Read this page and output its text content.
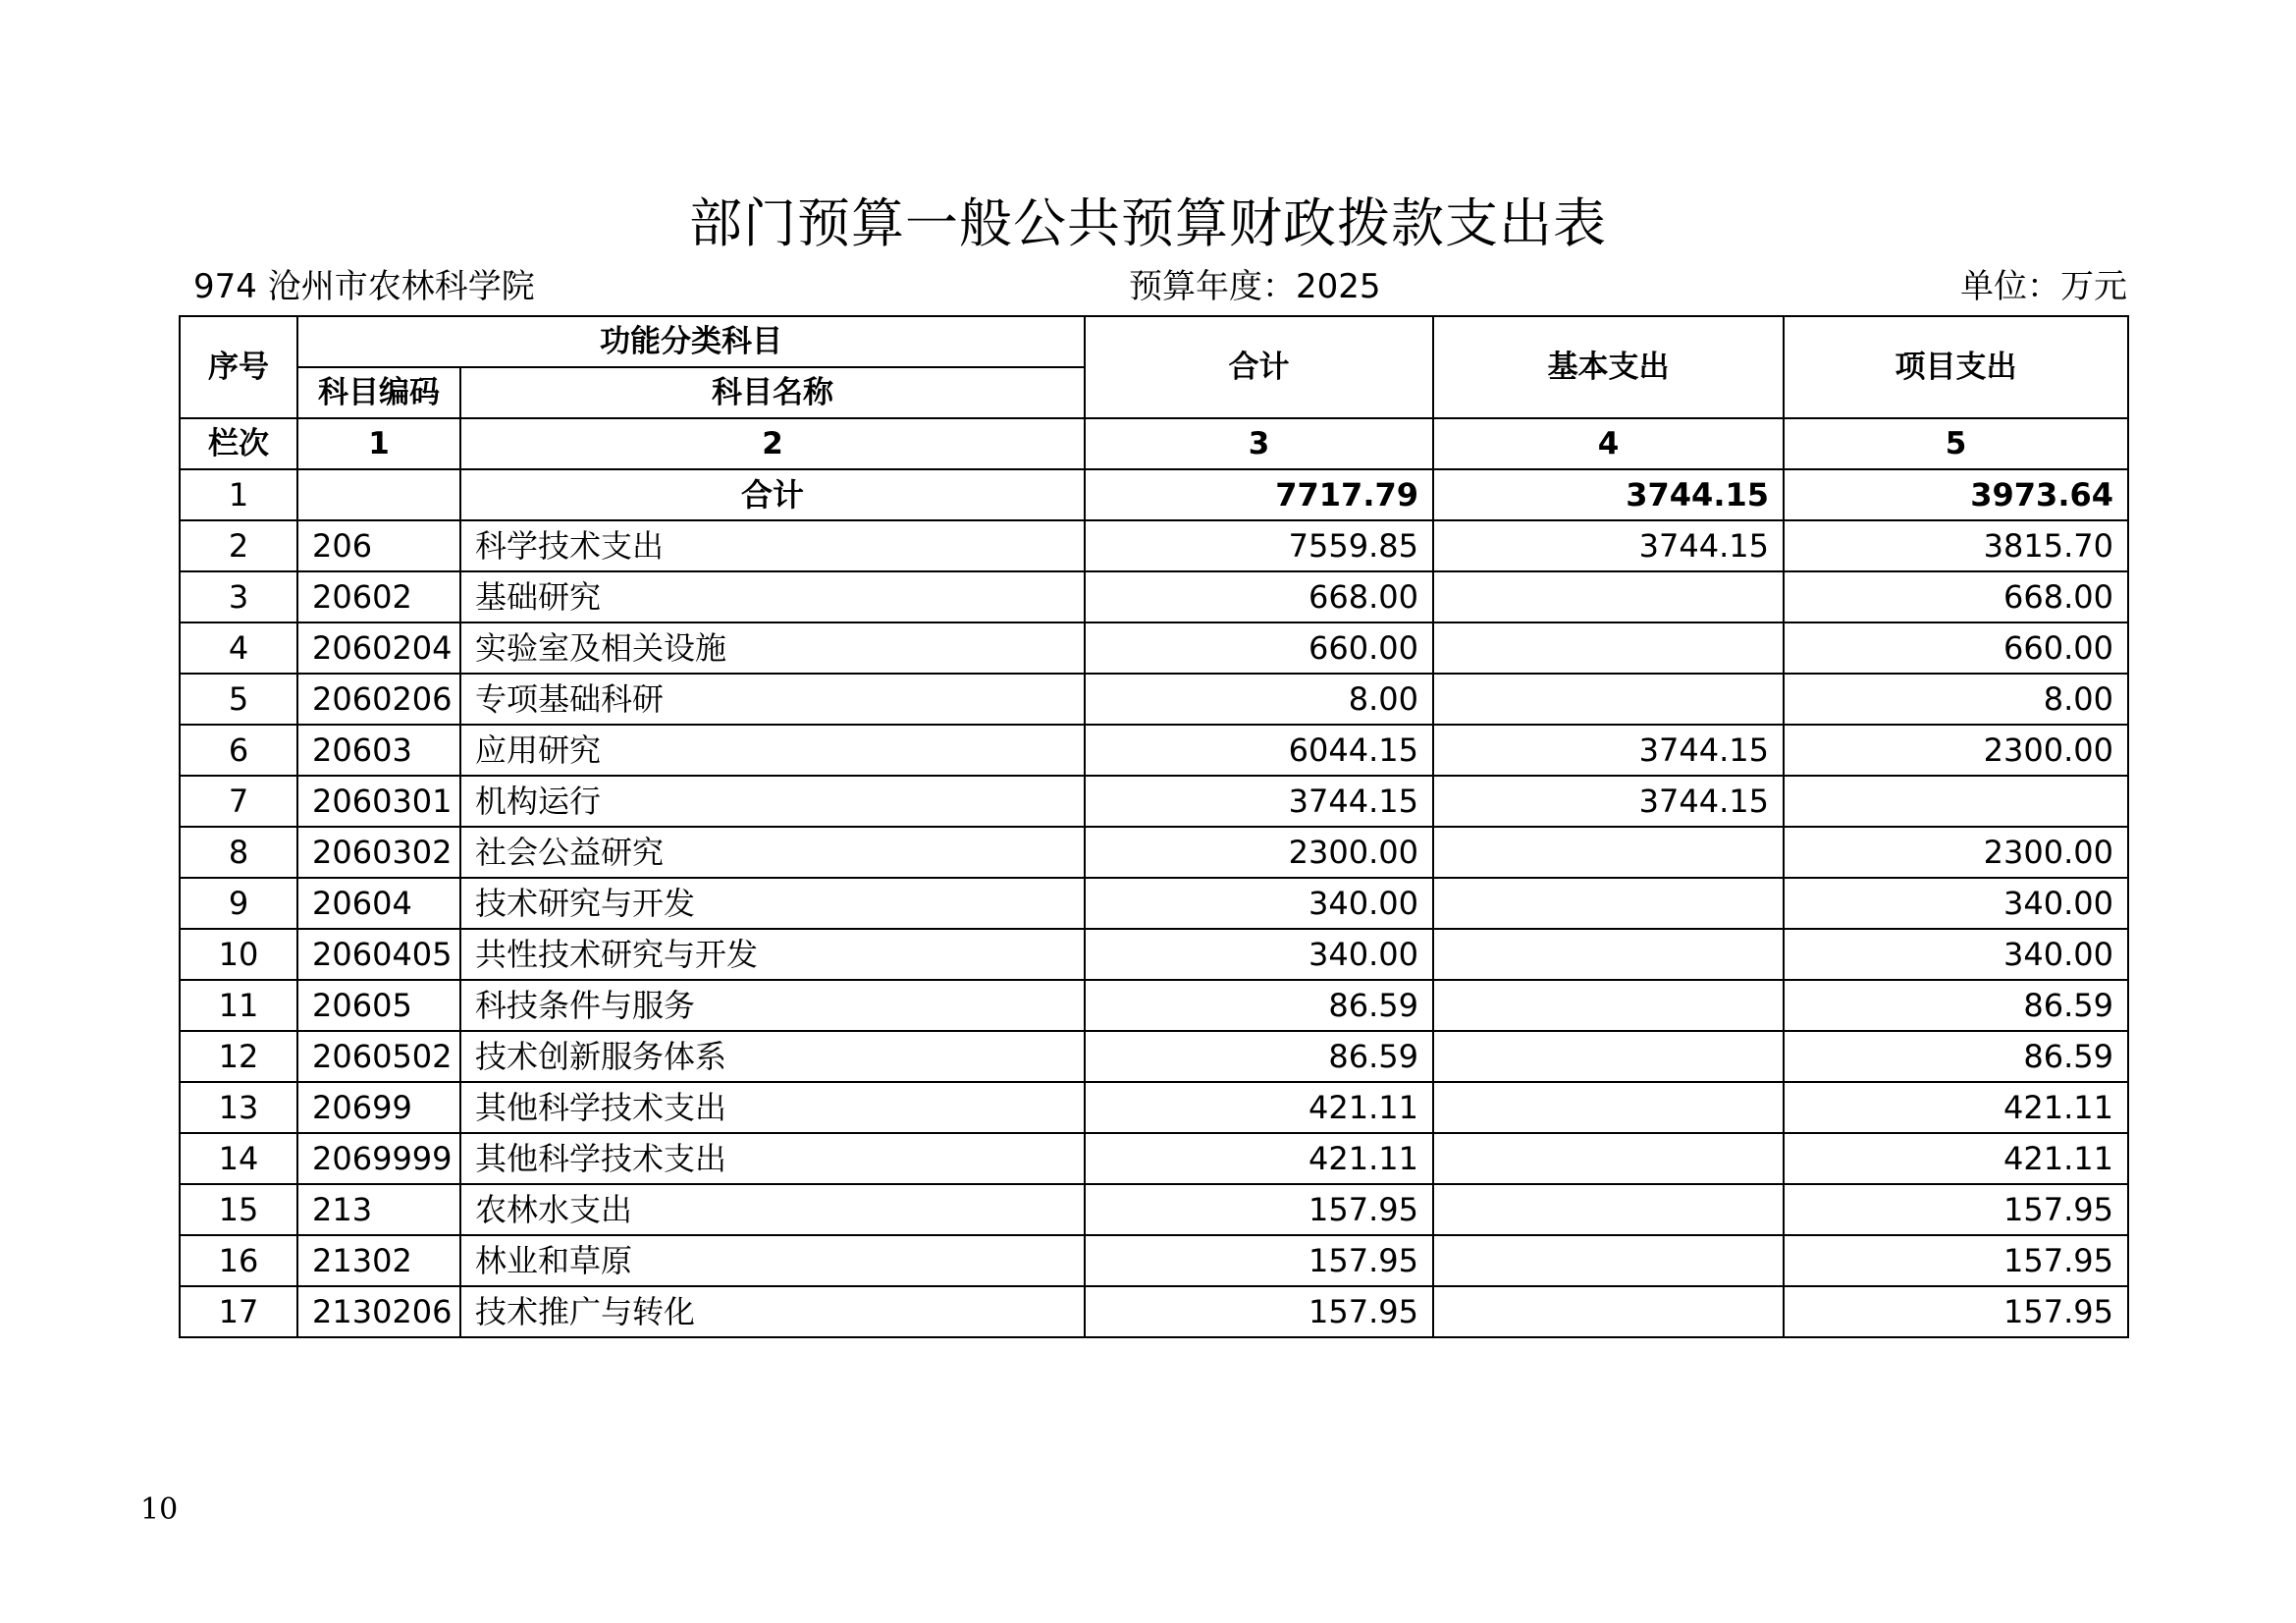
部门预算一般公共预算财政拨款支出表
974 沧州市农林科学院	预算年度：2025	单位：万元
序号	功能分类科目		合计	基本支出	项目支出
	科目编码	科目名称			
栏次	1	2	3	4	5
1		合计	7717.79	3744.15	3973.64
2	206	科学技术支出	7559.85	3744.15	3815.70
3	20602	基础研究	668.00		668.00
4	2060204	实验室及相关设施	660.00		660.00
5	2060206	专项基础科研	8.00		8.00
6	20603	应用研究	6044.15	3744.15	2300.00
7	2060301	机构运行	3744.15	3744.15	
8	2060302	社会公益研究	2300.00		2300.00
9	20604	技术研究与开发	340.00		340.00
10	2060405	共性技术研究与开发	340.00		340.00
11	20605	科技条件与服务	86.59		86.59
12	2060502	技术创新服务体系	86.59		86.59
13	20699	其他科学技术支出	421.11		421.11
14	2069999	其他科学技术支出	421.11		421.11
15	213	农林水支出	157.95		157.95
16	21302	林业和草原	157.95		157.95
17	2130206	技术推广与转化	157.95		157.95
10
